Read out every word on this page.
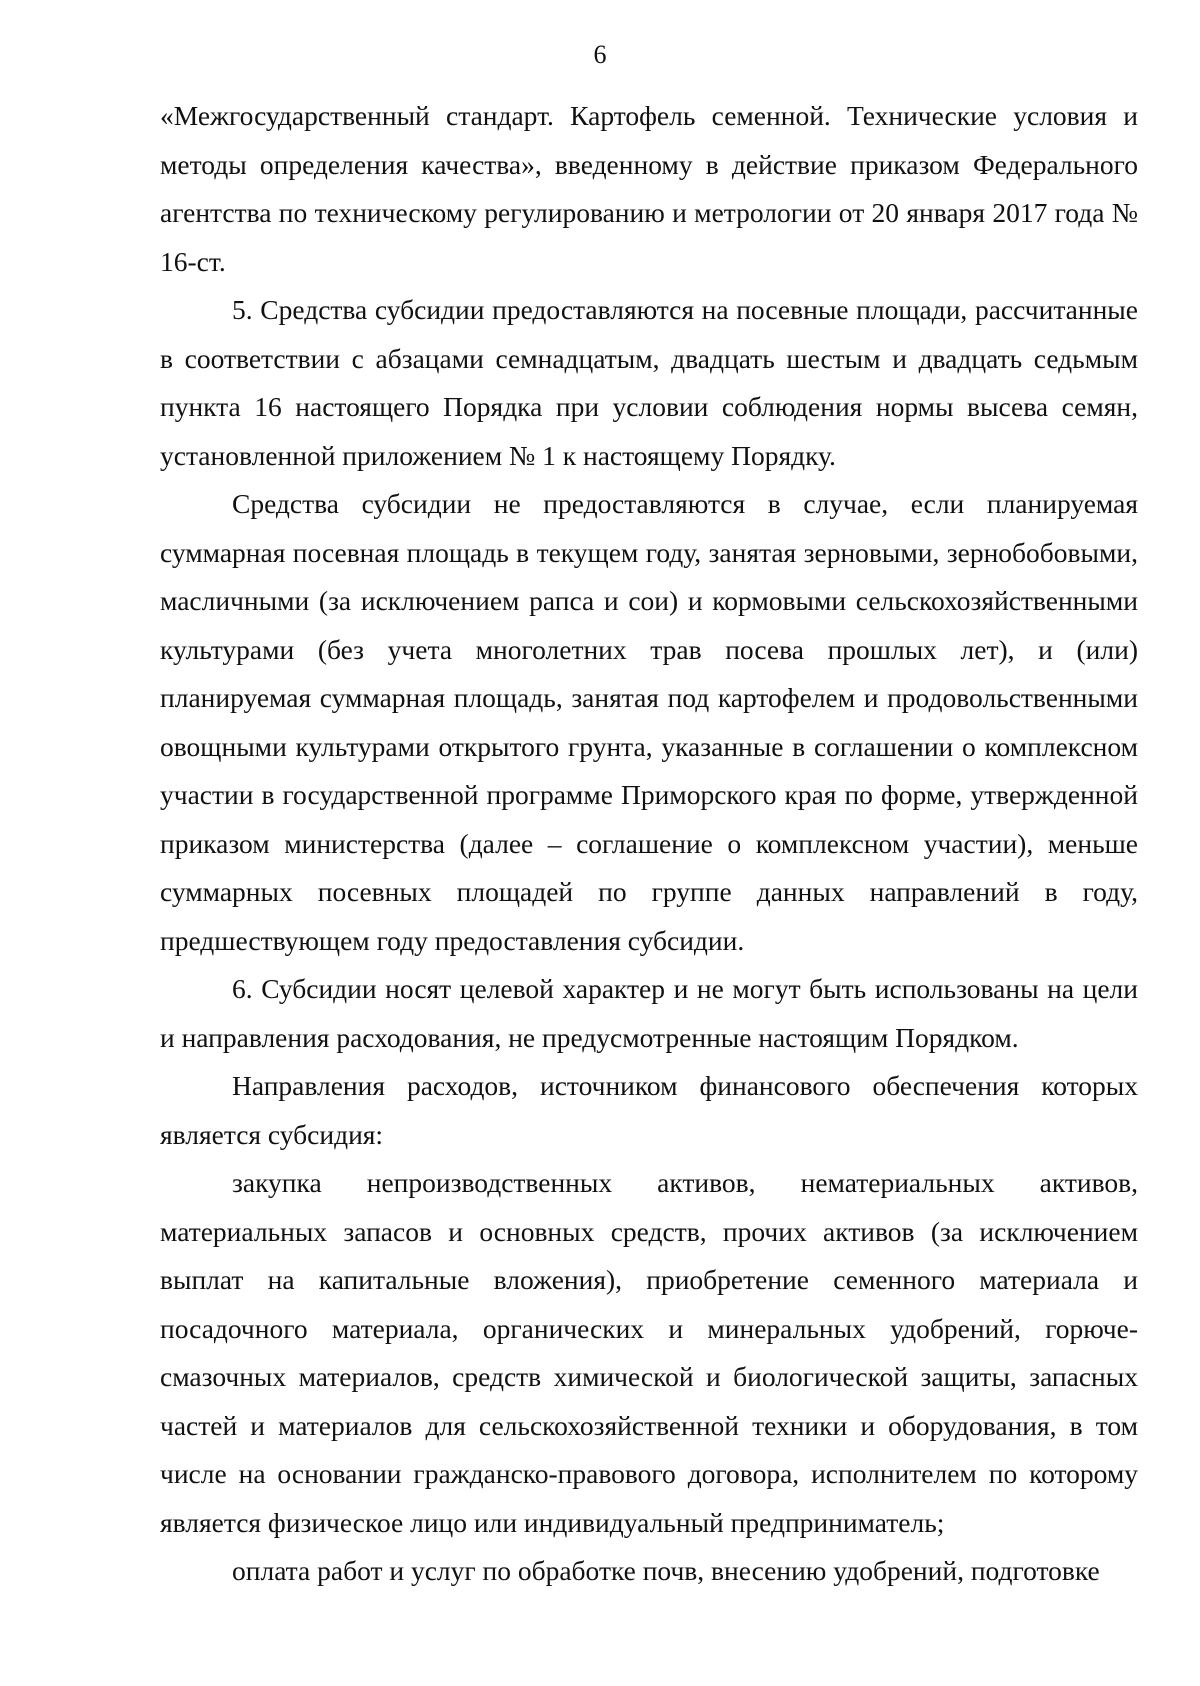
6

«Межгосударственный стандарт. Картофель семенной. Технические условия и методы определения качества», введенному в действие приказом Федерального агентства по техническому регулированию и метрологии от 20 января 2017 года № 16-ст.

5. Средства субсидии предоставляются на посевные площади, рассчитанные в соответствии с абзацами семнадцатым, двадцать шестым и двадцать седьмым пункта 16 настоящего Порядка при условии соблюдения нормы высева семян, установленной приложением № 1 к настоящему Порядку.

Средства субсидии не предоставляются в случае, если планируемая суммарная посевная площадь в текущем году, занятая зерновыми, зернобобовыми, масличными (за исключением рапса и сои) и кормовыми сельскохозяйственными культурами (без учета многолетних трав посева прошлых лет), и (или) планируемая суммарная площадь, занятая под картофелем и продовольственными овощными культурами открытого грунта, указанные в соглашении о комплексном участии в государственной программе Приморского края по форме, утвержденной приказом министерства (далее – соглашение о комплексном участии), меньше суммарных посевных площадей по группе данных направлений в году, предшествующем году предоставления субсидии.

6. Субсидии носят целевой характер и не могут быть использованы на цели и направления расходования, не предусмотренные настоящим Порядком.

Направления расходов, источником финансового обеспечения которых является субсидия:

закупка непроизводственных активов, нематериальных активов, материальных запасов и основных средств, прочих активов (за исключением выплат на капитальные вложения), приобретение семенного материала и посадочного материала, органических и минеральных удобрений, горюче-смазочных материалов, средств химической и биологической защиты, запасных частей и материалов для сельскохозяйственной техники и оборудования, в том числе на основании гражданско-правового договора, исполнителем по которому является физическое лицо или индивидуальный предприниматель;

оплата работ и услуг по обработке почв, внесению удобрений, подготовке
